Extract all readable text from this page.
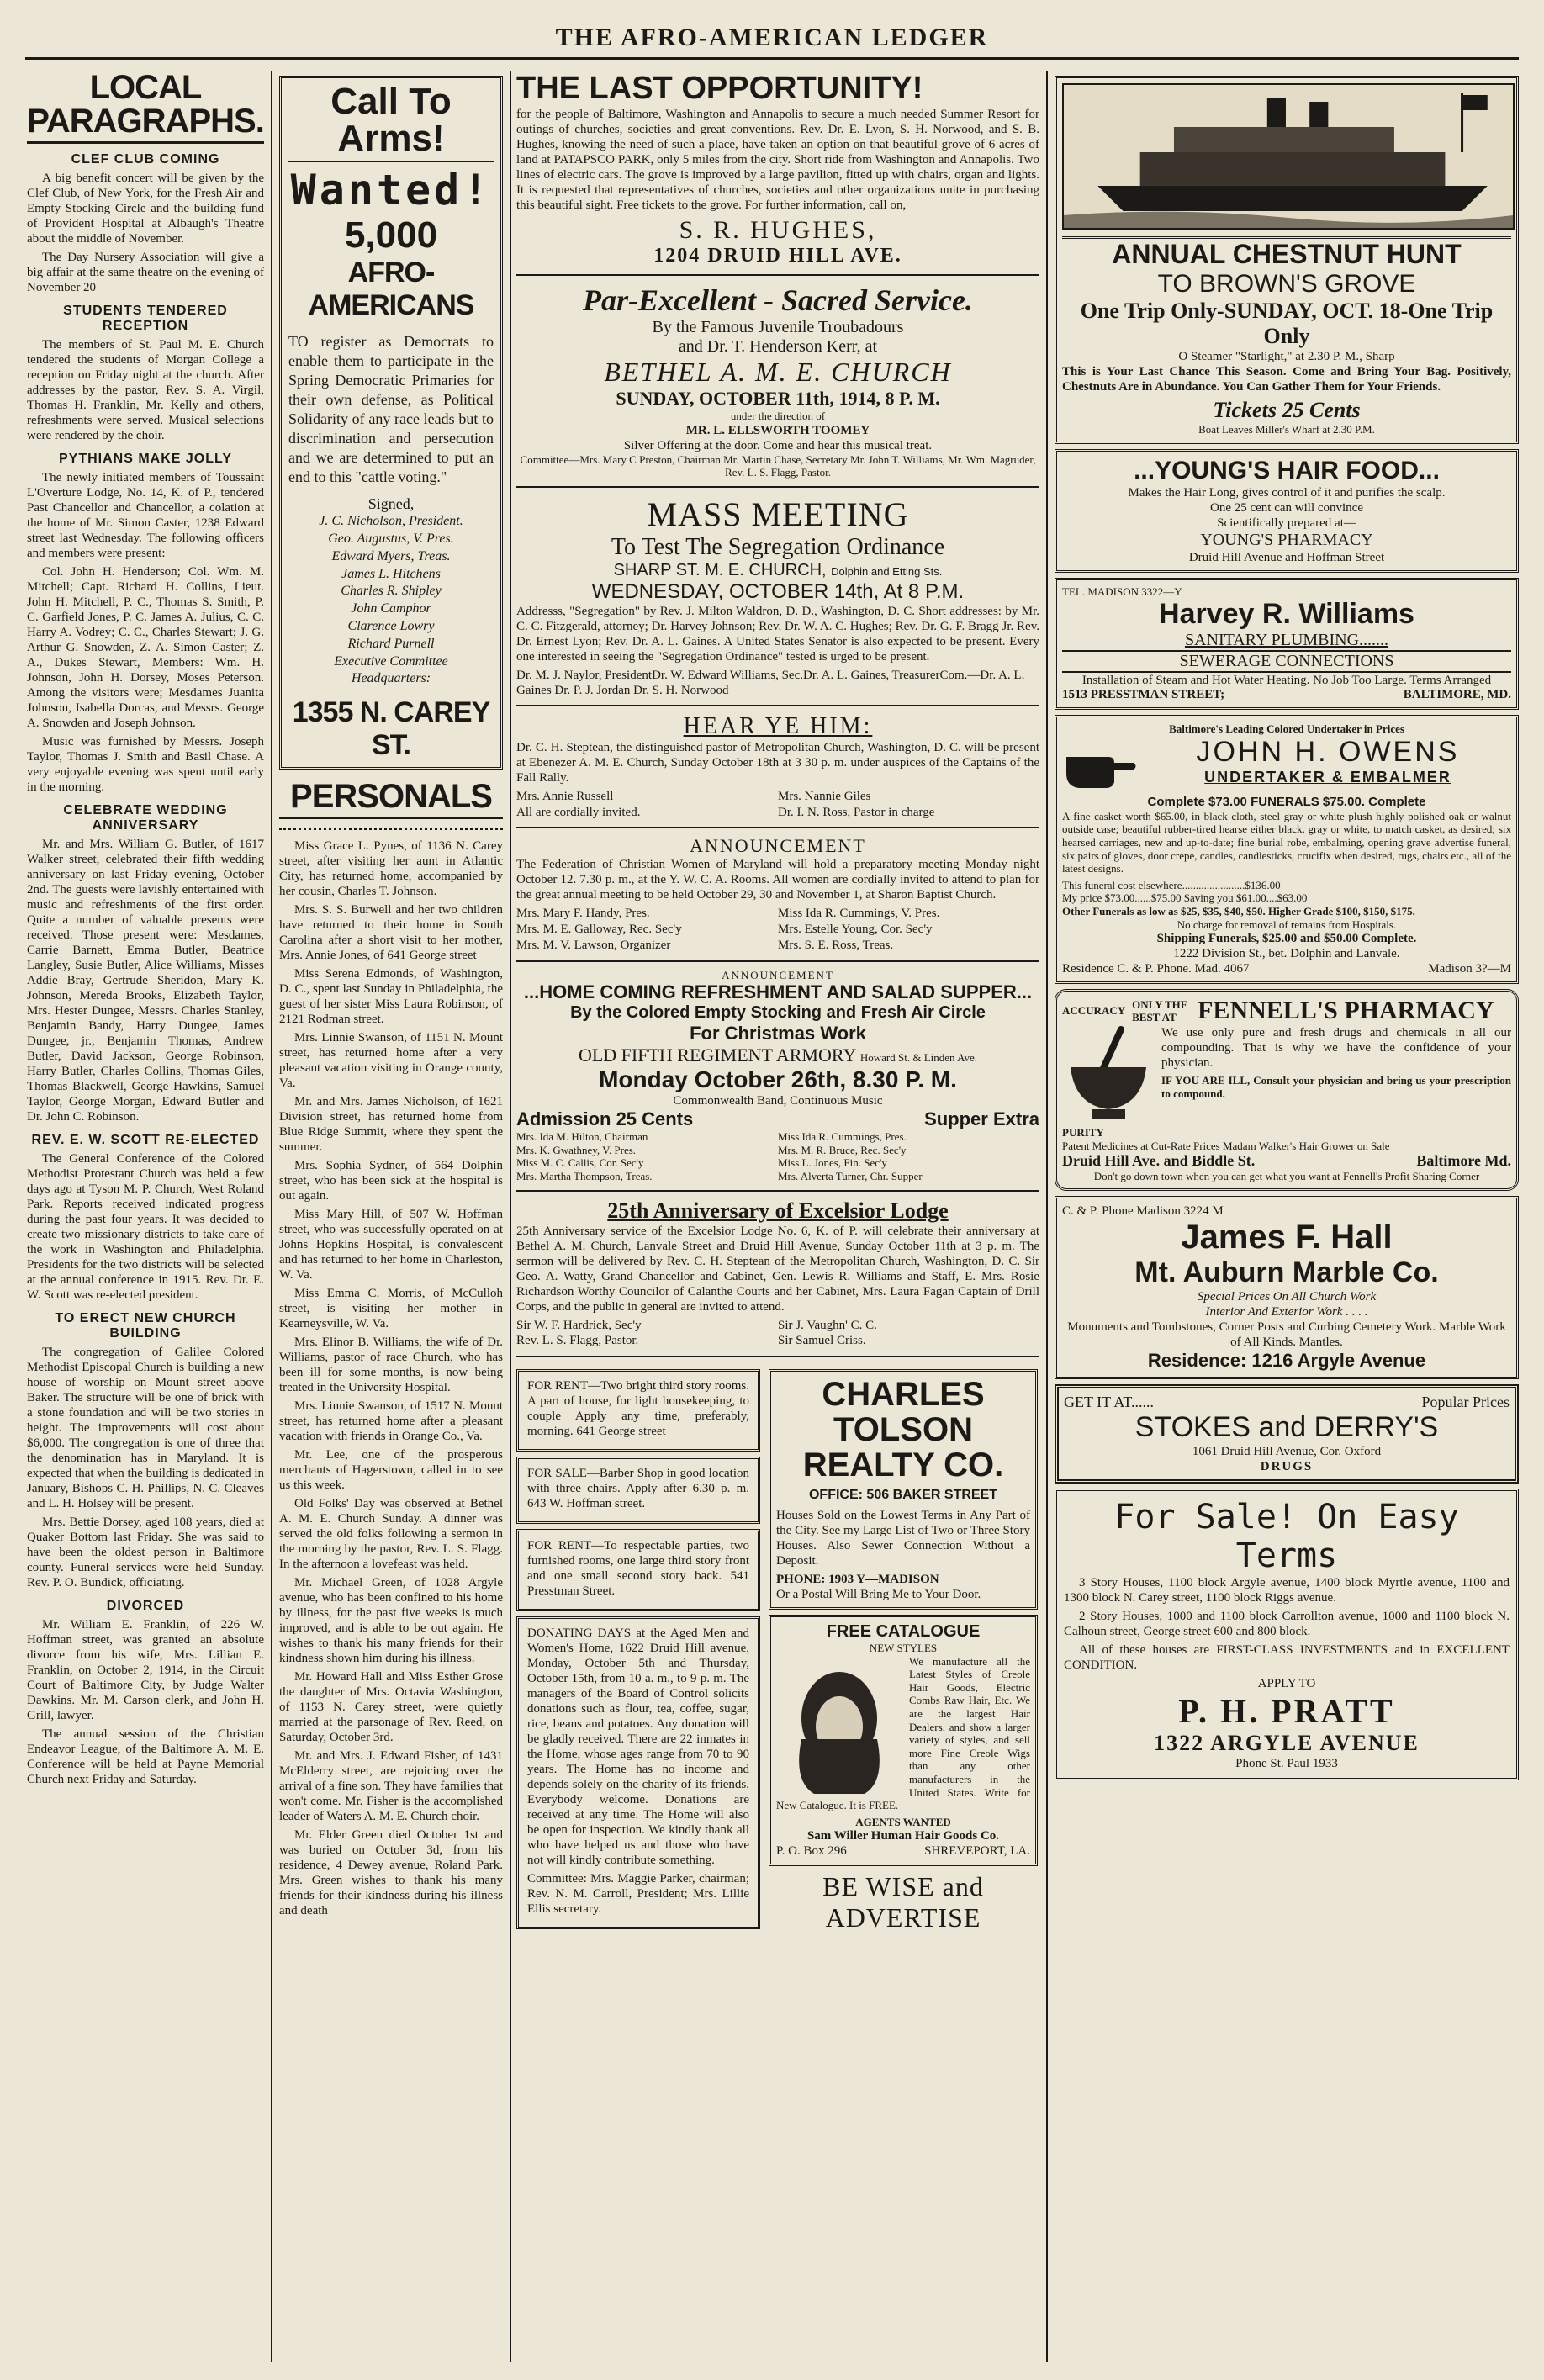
THE AFRO-AMERICAN LEDGER
LOCAL PARAGRAPHS.
CLEF CLUB COMING

A big benefit concert will be given by the Clef Club, of New York, for the Fresh Air and Empty Stocking Circle and the building fund of Provident Hospital at Albaugh's Theatre about the middle of November.

The Day Nursery Association will give a big affair at the same theatre on the evening of November 20

STUDENTS TENDERED RECEPTION

The members of St. Paul M. E. Church tendered the students of Morgan College a reception on Friday night at the church. After addresses by the pastor, Rev. S. A. Virgil, Thomas H. Franklin, Mr. Kelly and others, refreshments were served. Musical selections were rendered by the choir.

PYTHIANS MAKE JOLLY

The newly initiated members of Toussaint L'Overture Lodge, No. 14, K. of P., tendered Past Chancellor and Chancellor, a colation at the home of Mr. Simon Caster, 1238 Edward street last Wednesday. The following officers and members were present:

Col. John H. Henderson; Col. Wm. M. Mitchell; Capt. Richard H. Collins, Lieut. John H. Mitchell, P. C., Thomas S. Smith, P. C. Garfield Jones, P. C. James A. Julius, C. C. Harry A. Vodrey; C. C., Charles Stewart; J. G. Arthur G. Snowden, Z. A. Simon Caster; Z. A., Dukes Stewart, Members: Wm. H. Johnson, John H. Dorsey, Moses Peterson. Among the visitors were; Mesdames Juanita Johnson, Isabella Dorcas, and Messrs. George A. Snowden and Joseph Johnson.

Music was furnished by Messrs. Joseph Taylor, Thomas J. Smith and Basil Chase. A very enjoyable evening was spent until early in the morning.

CELEBRATE WEDDING ANNIVERSARY

Mr. and Mrs. William G. Butler, of 1617 Walker street, celebrated their fifth wedding anniversary on last Friday evening, October 2nd. The guests were lavishly entertained with music and refreshments of the first order. Quite a number of valuable presents were received. Those present were: Mesdames, Carrie Barnett, Emma Butler, Beatrice Langley, Susie Butler, Alice Williams, Misses Addie Bray, Gertrude Sheridon, Mary K. Johnson, Mereda Brooks, Elizabeth Taylor, Mrs. Hester Dungee, Messrs. Charles Stanley, Benjamin Bandy, Harry Dungee, James Dungee, jr., Benjamin Thomas, Andrew Butler, David Jackson, George Robinson, Harry Butler, Charles Collins, Thomas Giles, Thomas Blackwell, George Hawkins, Samuel Taylor, George Morgan, Edward Butler and Dr. John C. Robinson.

REV. E. W. SCOTT RE-ELECTED

The General Conference of the Colored Methodist Protestant Church was held a few days ago at Tyson M. P. Church, West Roland Park. Reports received indicated progress during the past four years. It was decided to create two missionary districts to take care of the work in Washington and Philadelphia. Presidents for the two districts will be selected at the annual conference in 1915. Rev. Dr. E. W. Scott was re-elected president.

TO ERECT NEW CHURCH BUILDING

The congregation of Galilee Colored Methodist Episcopal Church is building a new house of worship on Mount street above Baker. The structure will be one of brick with a stone foundation and will be two stories in height. The improvements will cost about $6,000. The congregation is one of three that the denomination has in Maryland. It is expected that when the building is dedicated in January, Bishops C. H. Phillips, N. C. Cleaves and L. H. Holsey will be present.

Mrs. Bettie Dorsey, aged 108 years, died at Quaker Bottom last Friday. She was said to have been the oldest person in Baltimore county. Funeral services were held Sunday. Rev. P. O. Bundick, officiating.

DIVORCED

Mr. William E. Franklin, of 226 W. Hoffman street, was granted an absolute divorce from his wife, Mrs. Lillian E. Franklin, on October 2, 1914, in the Circuit Court of Baltimore City, by Judge Walter Dawkins. Mr. M. Carson clerk, and John H. Grill, lawyer.

The annual session of the Christian Endeavor League, of the Baltimore A. M. E. Conference will be held at Payne Memorial Church next Friday and Saturday.

Call To Arms!
Wanted!
5,000
AFRO-AMERICANS

TO register as Democrats to enable them to participate in the Spring Democratic Primaries for their own defense, as Political Solidarity of any race leads but to discrimination and persecution and we are determined to put an end to this "cattle voting."

Signed,
J. C. Nicholson, President.
Geo. Augustus, V. Pres.
Edward Myers, Treas.
James L. Hitchens
Charles R. Shipley
John Camphor
Clarence Lowry
Richard Purnell
Executive Committee
Headquarters:
1355 N. CAREY ST.
PERSONALS

Miss Grace L. Pynes, of 1136 N. Carey street, after visiting her aunt in Atlantic City, has returned home, accompanied by her cousin, Charles T. Johnson.

Mrs. S. S. Burwell and her two children have returned to their home in South Carolina after a short visit to her mother, Mrs. Annie Jones, of 641 George street

Miss Serena Edmonds, of Washington, D. C., spent last Sunday in Philadelphia, the guest of her sister Miss Laura Robinson, of 2121 Rodman street.

Mrs. Linnie Swanson, of 1151 N. Mount street, has returned home after a very pleasant vacation visiting in Orange county, Va.

Mr. and Mrs. James Nicholson, of 1621 Division street, has returned home from Blue Ridge Summit, where they spent the summer.

Mrs. Sophia Sydner, of 564 Dolphin street, who has been sick at the hospital is out again.

Miss Mary Hill, of 507 W. Hoffman street, who was successfully operated on at Johns Hopkins Hospital, is convalescent and has returned to her home in Charleston, W. Va.

Miss Emma C. Morris, of McCulloh street, is visiting her mother in Kearneysville, W. Va.

Mrs. Elinor B. Williams, the wife of Dr. Williams, pastor of race Church, who has been ill for some months, is now being treated in the University Hospital.

Mrs. Linnie Swanson, of 1517 N. Mount street, has returned home after a pleasant vacation with friends in Orange Co., Va.

Mr. Lee, one of the prosperous merchants of Hagerstown, called in to see us this week.

Old Folks' Day was observed at Bethel A. M. E. Church Sunday. A dinner was served the old folks following a sermon in the morning by the pastor, Rev. L. S. Flagg. In the afternoon a lovefeast was held.

Mr. Michael Green, of 1028 Argyle avenue, who has been confined to his home by illness, for the past five weeks is much improved, and is able to be out again. He wishes to thank his many friends for their kindness shown him during his illness.

Mr. Howard Hall and Miss Esther Grose the daughter of Mrs. Octavia Washington, of 1153 N. Carey street, were quietly married at the parsonage of Rev. Reed, on Saturday, October 3rd.

Mr. and Mrs. J. Edward Fisher, of 1431 McElderry street, are rejoicing over the arrival of a fine son. They have families that won't come. Mr. Fisher is the accomplished leader of Waters A. M. E. Church choir.

Mr. Elder Green died October 1st and was buried on October 3d, from his residence, 4 Dewey avenue, Roland Park. Mrs. Green wishes to thank his many friends for their kindness during his illness and death

THE LAST OPPORTUNITY!

for the people of Baltimore, Washington and Annapolis to secure a much needed Summer Resort for outings of churches, societies and great conventions. Rev. Dr. E. Lyon, S. H. Norwood, and S. B. Hughes, knowing the need of such a place, have taken an option on that beautiful grove of 6 acres of land at PATAPSCO PARK, only 5 miles from the city. Short ride from Washington and Annapolis. Two lines of electric cars. The grove is improved by a large pavilion, fitted up with chairs, organ and lights. It is requested that representatives of churches, societies and other organizations unite in purchasing this beautiful sight. Free tickets to the grove. For further information, call on,

S. R. HUGHES,
1204 DRUID HILL AVE.
Par-Excellent - Sacred Service.
By the Famous Juvenile Troubadours
and Dr. T. Henderson Kerr, at
BETHEL A. M. E. CHURCH
SUNDAY, OCTOBER 11th, 1914, 8 P. M.
under the direction of
MR. L. ELLSWORTH TOOMEY
Silver Offering at the door. Come and hear this musical treat.
Committee—Mrs. Mary C Preston, Chairman Mr. Martin Chase, Secretary Mr. John T. Williams, Mr. Wm. Magruder, Rev. L. S. Flagg, Pastor.
MASS MEETING
To Test The Segregation Ordinance
SHARP ST. M. E. CHURCH, Dolphin and Etting Sts.
WEDNESDAY, OCTOBER 14th, At 8 P.M.

Addresss, "Segregation" by Rev. J. Milton Waldron, D. D., Washington, D. C. Short addresses: by Mr. C. C. Fitzgerald, attorney; Dr. Harvey Johnson; Rev. Dr. W. A. C. Hughes; Rev. Dr. G. F. Bragg Jr. Rev. Dr. Ernest Lyon; Rev. Dr. A. L. Gaines. A United States Senator is also expected to be present. Every one interested in seeing the "Segregation Ordinance" tested is urged to be present.

Dr. M. J. Naylor, PresidentDr. W. Edward Williams, Sec.Dr. A. L. Gaines, TreasurerCom.—Dr. A. L. Gaines Dr. P. J. Jordan Dr. S. H. Norwood
HEAR YE HIM:

Dr. C. H. Steptean, the distinguished pastor of Metropolitan Church, Washington, D. C. will be present at Ebenezer A. M. E. Church, Sunday October 18th at 3 30 p. m. under auspices of the Captains of the Fall Rally.

Mrs. Annie Russell	Mrs. Nannie Giles
All are cordially invited.	Dr. I. N. Ross, Pastor in charge
ANNOUNCEMENT

The Federation of Christian Women of Maryland will hold a preparatory meeting Monday night October 12. 7.30 p. m., at the Y. W. C. A. Rooms. All women are cordially invited to attend to plan for the great annual meeting to be held October 29, 30 and November 1, at Sharon Baptist Church.

Mrs. Mary F. Handy, Pres.	Miss Ida R. Cummings, V. Pres.
Mrs. M. E. Galloway, Rec. Sec'y	Mrs. Estelle Young, Cor. Sec'y
Mrs. M. V. Lawson, Organizer	Mrs. S. E. Ross, Treas.
ANNOUNCEMENT
...HOME COMING REFRESHMENT AND SALAD SUPPER...
By the Colored Empty Stocking and Fresh Air Circle
For Christmas Work
OLD FIFTH REGIMENT ARMORY Howard St. & Linden Ave.
Monday October 26th, 8.30 P. M.
Commonwealth Band, Continuous Music
Admission 25 Cents	Supper Extra
Mrs. Ida M. Hilton, Chairman	Miss Ida R. Cummings, Pres.
Mrs. K. Gwathney, V. Pres.	Mrs. M. R. Bruce, Rec. Sec'y
Miss M. C. Callis, Cor. Sec'y	Miss L. Jones, Fin. Sec'y
Mrs. Martha Thompson, Treas.	Mrs. Alverta Turner, Chr. Supper
25th Anniversary of Excelsior Lodge

25th Anniversary service of the Excelsior Lodge No. 6, K. of P. will celebrate their anniversary at Bethel A. M. Church, Lanvale Street and Druid Hill Avenue, Sunday October 11th at 3 p. m. The sermon will be delivered by Rev. C. H. Steptean of the Metropolitan Church, Washington, D. C. Sir Geo. A. Watty, Grand Chancellor and Cabinet, Gen. Lewis R. Williams and Staff, E. Mrs. Rosie Richardson Worthy Councilor of Calanthe Courts and her Cabinet, Mrs. Laura Fagan Captain of Drill Corps, and the public in general are invited to attend.

Sir W. F. Hardrick, Sec'y	Sir J. Vaughn' C. C.
Rev. L. S. Flagg, Pastor.	Sir Samuel Criss.

FOR RENT—Two bright third story rooms. A part of house, for light housekeeping, to couple Apply any time, preferably, morning. 641 George street

FOR SALE—Barber Shop in good location with three chairs. Apply after 6.30 p. m. 643 W. Hoffman street.

FOR RENT—To respectable parties, two furnished rooms, one large third story front and one small second story back. 541 Presstman Street.

DONATING DAYS at the Aged Men and Women's Home, 1622 Druid Hill avenue, Monday, October 5th and Thursday, October 15th, from 10 a. m., to 9 p. m. The managers of the Board of Control solicits donations such as flour, tea, coffee, sugar, rice, beans and potatoes. Any donation will be gladly received. There are 22 inmates in the Home, whose ages range from 70 to 90 years. The Home has no income and depends solely on the charity of its friends. Everybody welcome. Donations are received at any time. The Home will also be open for inspection. We kindly thank all who have helped us and those who have not will kindly contribute something.

Committee: Mrs. Maggie Parker, chairman; Rev. N. M. Carroll, President; Mrs. Lillie Ellis secretary.

CHARLES TOLSON REALTY CO.
OFFICE: 506 BAKER STREET

Houses Sold on the Lowest Terms in Any Part of the City. See my Large List of Two or Three Story Houses. Also Sewer Connection Without a Deposit.

PHONE: 1903 Y—MADISON
Or a Postal Will Bring Me to Your Door.
FREE CATALOGUE
NEW STYLES

We manufacture all the Latest Styles of Creole Hair Goods, Electric Combs Raw Hair, Etc. We are the largest Hair Dealers, and show a larger variety of styles, and sell more Fine Creole Wigs than any other manufacturers in the United States. Write for New Catalogue. It is FREE.

AGENTS WANTED
Sam Willer Human Hair Goods Co.
P. O. Box 296	SHREVEPORT, LA.
BE WISE and
ADVERTISE
ANNUAL CHESTNUT HUNT
TO BROWN'S GROVE
One Trip Only-SUNDAY, OCT. 18-One Trip Only
O Steamer "Starlight," at 2.30 P. M., Sharp

This is Your Last Chance This Season. Come and Bring Your Bag. Positively, Chestnuts Are in Abundance. You Can Gather Them for Your Friends.

Tickets 25 Cents
Boat Leaves Miller's Wharf at 2.30 P.M.
...YOUNG'S HAIR FOOD...
Makes the Hair Long, gives control of it and purifies the scalp.
One 25 cent can will convince
Scientifically prepared at—
YOUNG'S PHARMACY
Druid Hill Avenue and Hoffman Street
TEL. MADISON 3322—Y
Harvey R. Williams
SANITARY PLUMBING.......
SEWERAGE CONNECTIONS
Installation of Steam and Hot Water Heating. No Job Too Large. Terms Arranged
1513 PRESSTMAN STREET;	BALTIMORE, MD.
Baltimore's Leading Colored Undertaker in Prices
JOHN H. OWENS
UNDERTAKER & EMBALMER
Complete $73.00 FUNERALS $75.00. Complete

A fine casket worth $65.00, in black cloth, steel gray or white plush highly polished oak or walnut outside case; beautiful rubber-tired hearse either black, gray or white, to match casket, as desired; six hearsed carriages, new and up-to-date; fine burial robe, embalming, opening grave advertise funeral, six pairs of gloves, door crepe, candles, candlesticks, crucifix when desired, rugs, chairs etc., all of the latest designs.

This funeral cost elsewhere.......................$136.00
My price $73.00......$75.00 Saving you $61.00....$63.00
Other Funerals as low as $25, $35, $40, $50. Higher Grade $100, $150, $175.
No charge for removal of remains from Hospitals.
Shipping Funerals, $25.00 and $50.00 Complete.
1222 Division St., bet. Dolphin and Lanvale.
Residence C. & P. Phone. Mad. 4067	Madison 3?—M
ACCURACY
ONLY THE BEST AT FENNELL'S PHARMACY

We use only pure and fresh drugs and chemicals in all our compounding. That is why we have the confidence of your physician.

IF YOU ARE ILL, Consult your physician and bring us your prescription to compound.

PURITY
Patent Medicines at Cut-Rate Prices Madam Walker's Hair Grower on Sale
Druid Hill Ave. and Biddle St.	Baltimore Md.
Don't go down town when you can get what you want at Fennell's Profit Sharing Corner
C. & P. Phone Madison 3224 M
James F. Hall
Mt. Auburn Marble Co.
Special Prices On All Church Work
Interior And Exterior Work . . . .
Monuments and Tombstones, Corner Posts and Curbing Cemetery Work. Marble Work of All Kinds. Mantles.
Residence: 1216 Argyle Avenue
GET IT AT......	Popular Prices
STOKES and DERRY'S
1061 Druid Hill Avenue, Cor. Oxford
DRUGS
For Sale! On Easy Terms

3 Story Houses, 1100 block Argyle avenue, 1400 block Myrtle avenue, 1100 and 1300 block N. Carey street, 1100 block Riggs avenue.

2 Story Houses, 1000 and 1100 block Carrollton avenue, 1000 and 1100 block N. Calhoun street, George street 600 and 800 block.

All of these houses are FIRST-CLASS INVESTMENTS and in EXCELLENT CONDITION.

APPLY TO
P. H. PRATT
1322 ARGYLE AVENUE
Phone St. Paul 1933
